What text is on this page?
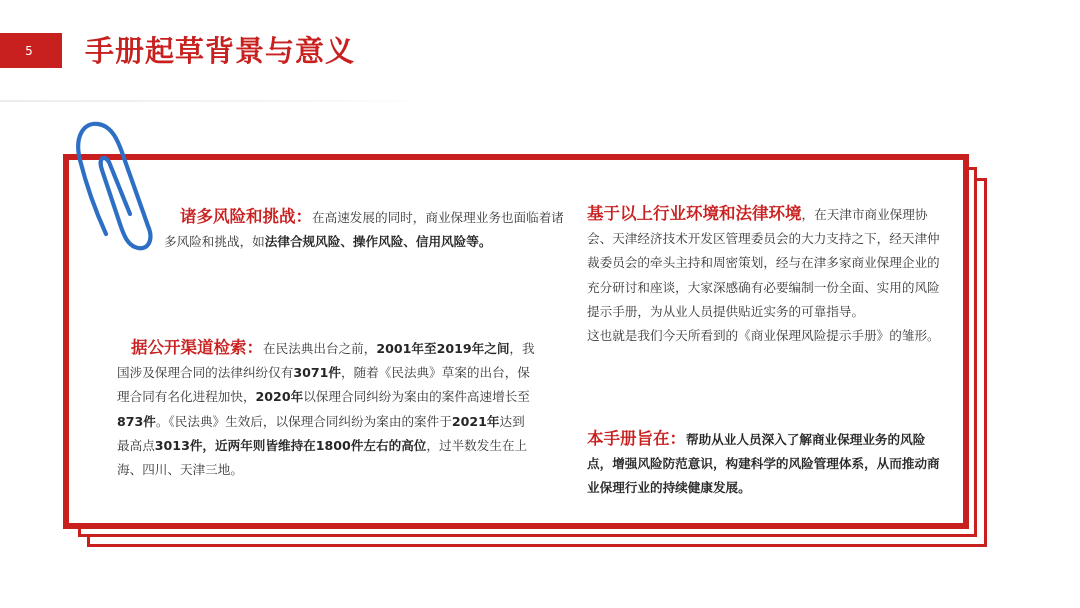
5	手册起草背景与意义
诸多风险和挑战：在高速发展的同时，商业保理业务也面临着诸多风险和挑战，如法律合规风险、操作风险、信用风险等。
据公开渠道检索：在民法典出台之前，2001年至2019年之间，我国涉及保理合同的法律纠纷仅有3071件，随着《民法典》草案的出台，保理合同有名化进程加快，2020年以保理合同纠纷为案由的案件高速增长至873件。《民法典》生效后，以保理合同纠纷为案由的案件于2021年达到最高点3013件，近两年则皆维持在1800件左右的高位，过半数发生在上海、四川、天津三地。
基于以上行业环境和法律环境，在天津市商业保理协会、天津经济技术开发区管理委员会的大力支持之下，经天津仲裁委员会的牵头主持和周密策划，经与在津多家商业保理企业的充分研讨和座谈，大家深感确有必要编制一份全面、实用的风险提示手册，为从业人员提供贴近实务的可靠指导。
这也就是我们今天所看到的《商业保理风险提示手册》的雏形。
本手册旨在：帮助从业人员深入了解商业保理业务的风险点，增强风险防范意识，构建科学的风险管理体系，从而推动商业保理行业的持续健康发展。
